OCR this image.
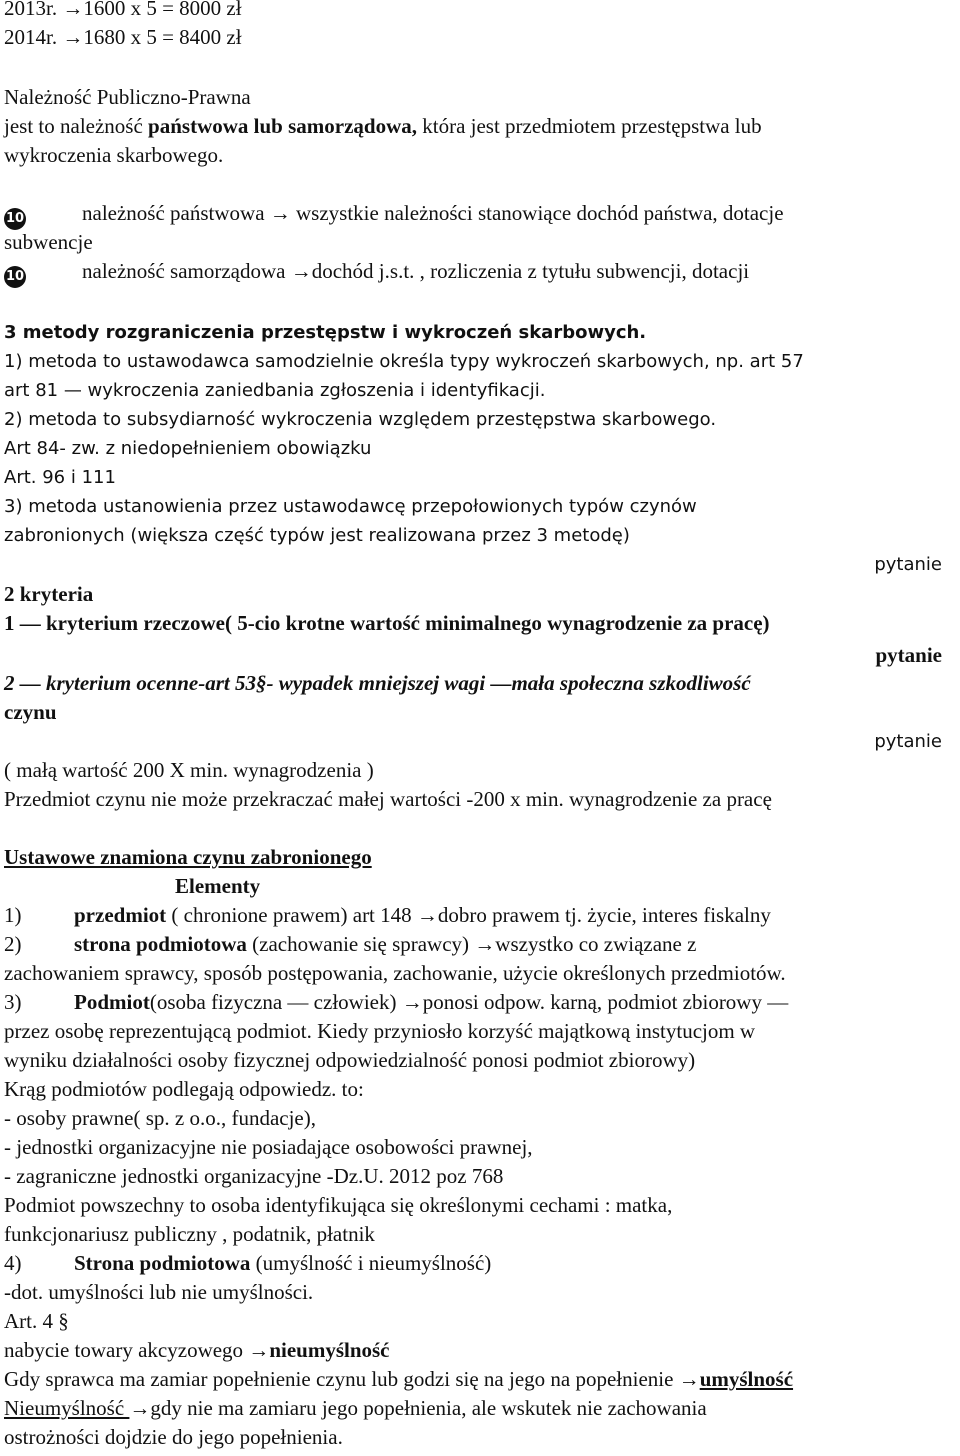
2013r. →1600 x 5 = 8000 zł
2014r. →1680 x 5 = 8400 zł
Należność Publiczno-Prawna
jest to należność państwowa lub samorządowa, która jest przedmiotem przestępstwa lub
wykroczenia skarbowego.
10	należność państwowa → wszystkie należności stanowiące dochód państwa, dotacje
subwencje
10	należność samorządowa →dochód j.s.t. , rozliczenia z tytułu subwencji, dotacji
3 metody rozgraniczenia przestępstw i wykroczeń skarbowych.
1) metoda to ustawodawca samodzielnie określa typy wykroczeń skarbowych, np. art 57
art 81 — wykroczenia zaniedbania zgłoszenia i identyfikacji.
2) metoda to subsydiarność wykroczenia względem przestępstwa skarbowego.
Art 84- zw. z niedopełnieniem obowiązku
Art. 96 i 111
3) metoda ustanowienia przez ustawodawcę przepołowionych typów czynów
zabronionych (większa część typów jest realizowana przez 3 metodę)
pytanie
2 kryteria
1 — kryterium rzeczowe( 5-cio krotne wartość minimalnego wynagrodzenie za pracę)
pytanie
2 — kryterium ocenne-art 53§- wypadek mniejszej wagi —mała społeczna szkodliwość
czynu
pytanie
( małą wartość 200 X min. wynagrodzenia )
Przedmiot czynu nie może przekraczać małej wartości -200 x min. wynagrodzenie za pracę
Ustawowe znamiona czynu zabronionego
Elementy
1)	przedmiot ( chronione prawem) art 148 →dobro prawem tj. życie, interes fiskalny
2)	strona podmiotowa (zachowanie się sprawcy) →wszystko co związane z
zachowaniem sprawcy, sposób postępowania, zachowanie, użycie określonych przedmiotów.
3)	Podmiot(osoba fizyczna — człowiek) →ponosi odpow. karną, podmiot zbiorowy —
przez osobę reprezentującą podmiot. Kiedy przyniosło korzyść majątkową instytucjom w
wyniku działalności osoby fizycznej odpowiedzialność ponosi podmiot zbiorowy)
Krąg podmiotów podlegają odpowiedz. to:
- osoby prawne( sp. z o.o., fundacje),
- jednostki organizacyjne nie posiadające osobowości prawnej,
- zagraniczne jednostki organizacyjne -Dz.U. 2012 poz 768
Podmiot powszechny to osoba identyfikująca się określonymi cechami : matka,
funkcjonariusz publiczny , podatnik, płatnik
4)	Strona podmiotowa (umyślność i nieumyślność)
-dot. umyślności lub nie umyślności.
Art. 4 §
nabycie towary akcyzowego →nieumyślność
Gdy sprawca ma zamiar popełnienie czynu lub godzi się na jego na popełnienie →umyślność
Nieumyślność →gdy nie ma zamiaru jego popełnienia, ale wskutek nie zachowania
ostrożności dojdzie do jego popełnienia.
